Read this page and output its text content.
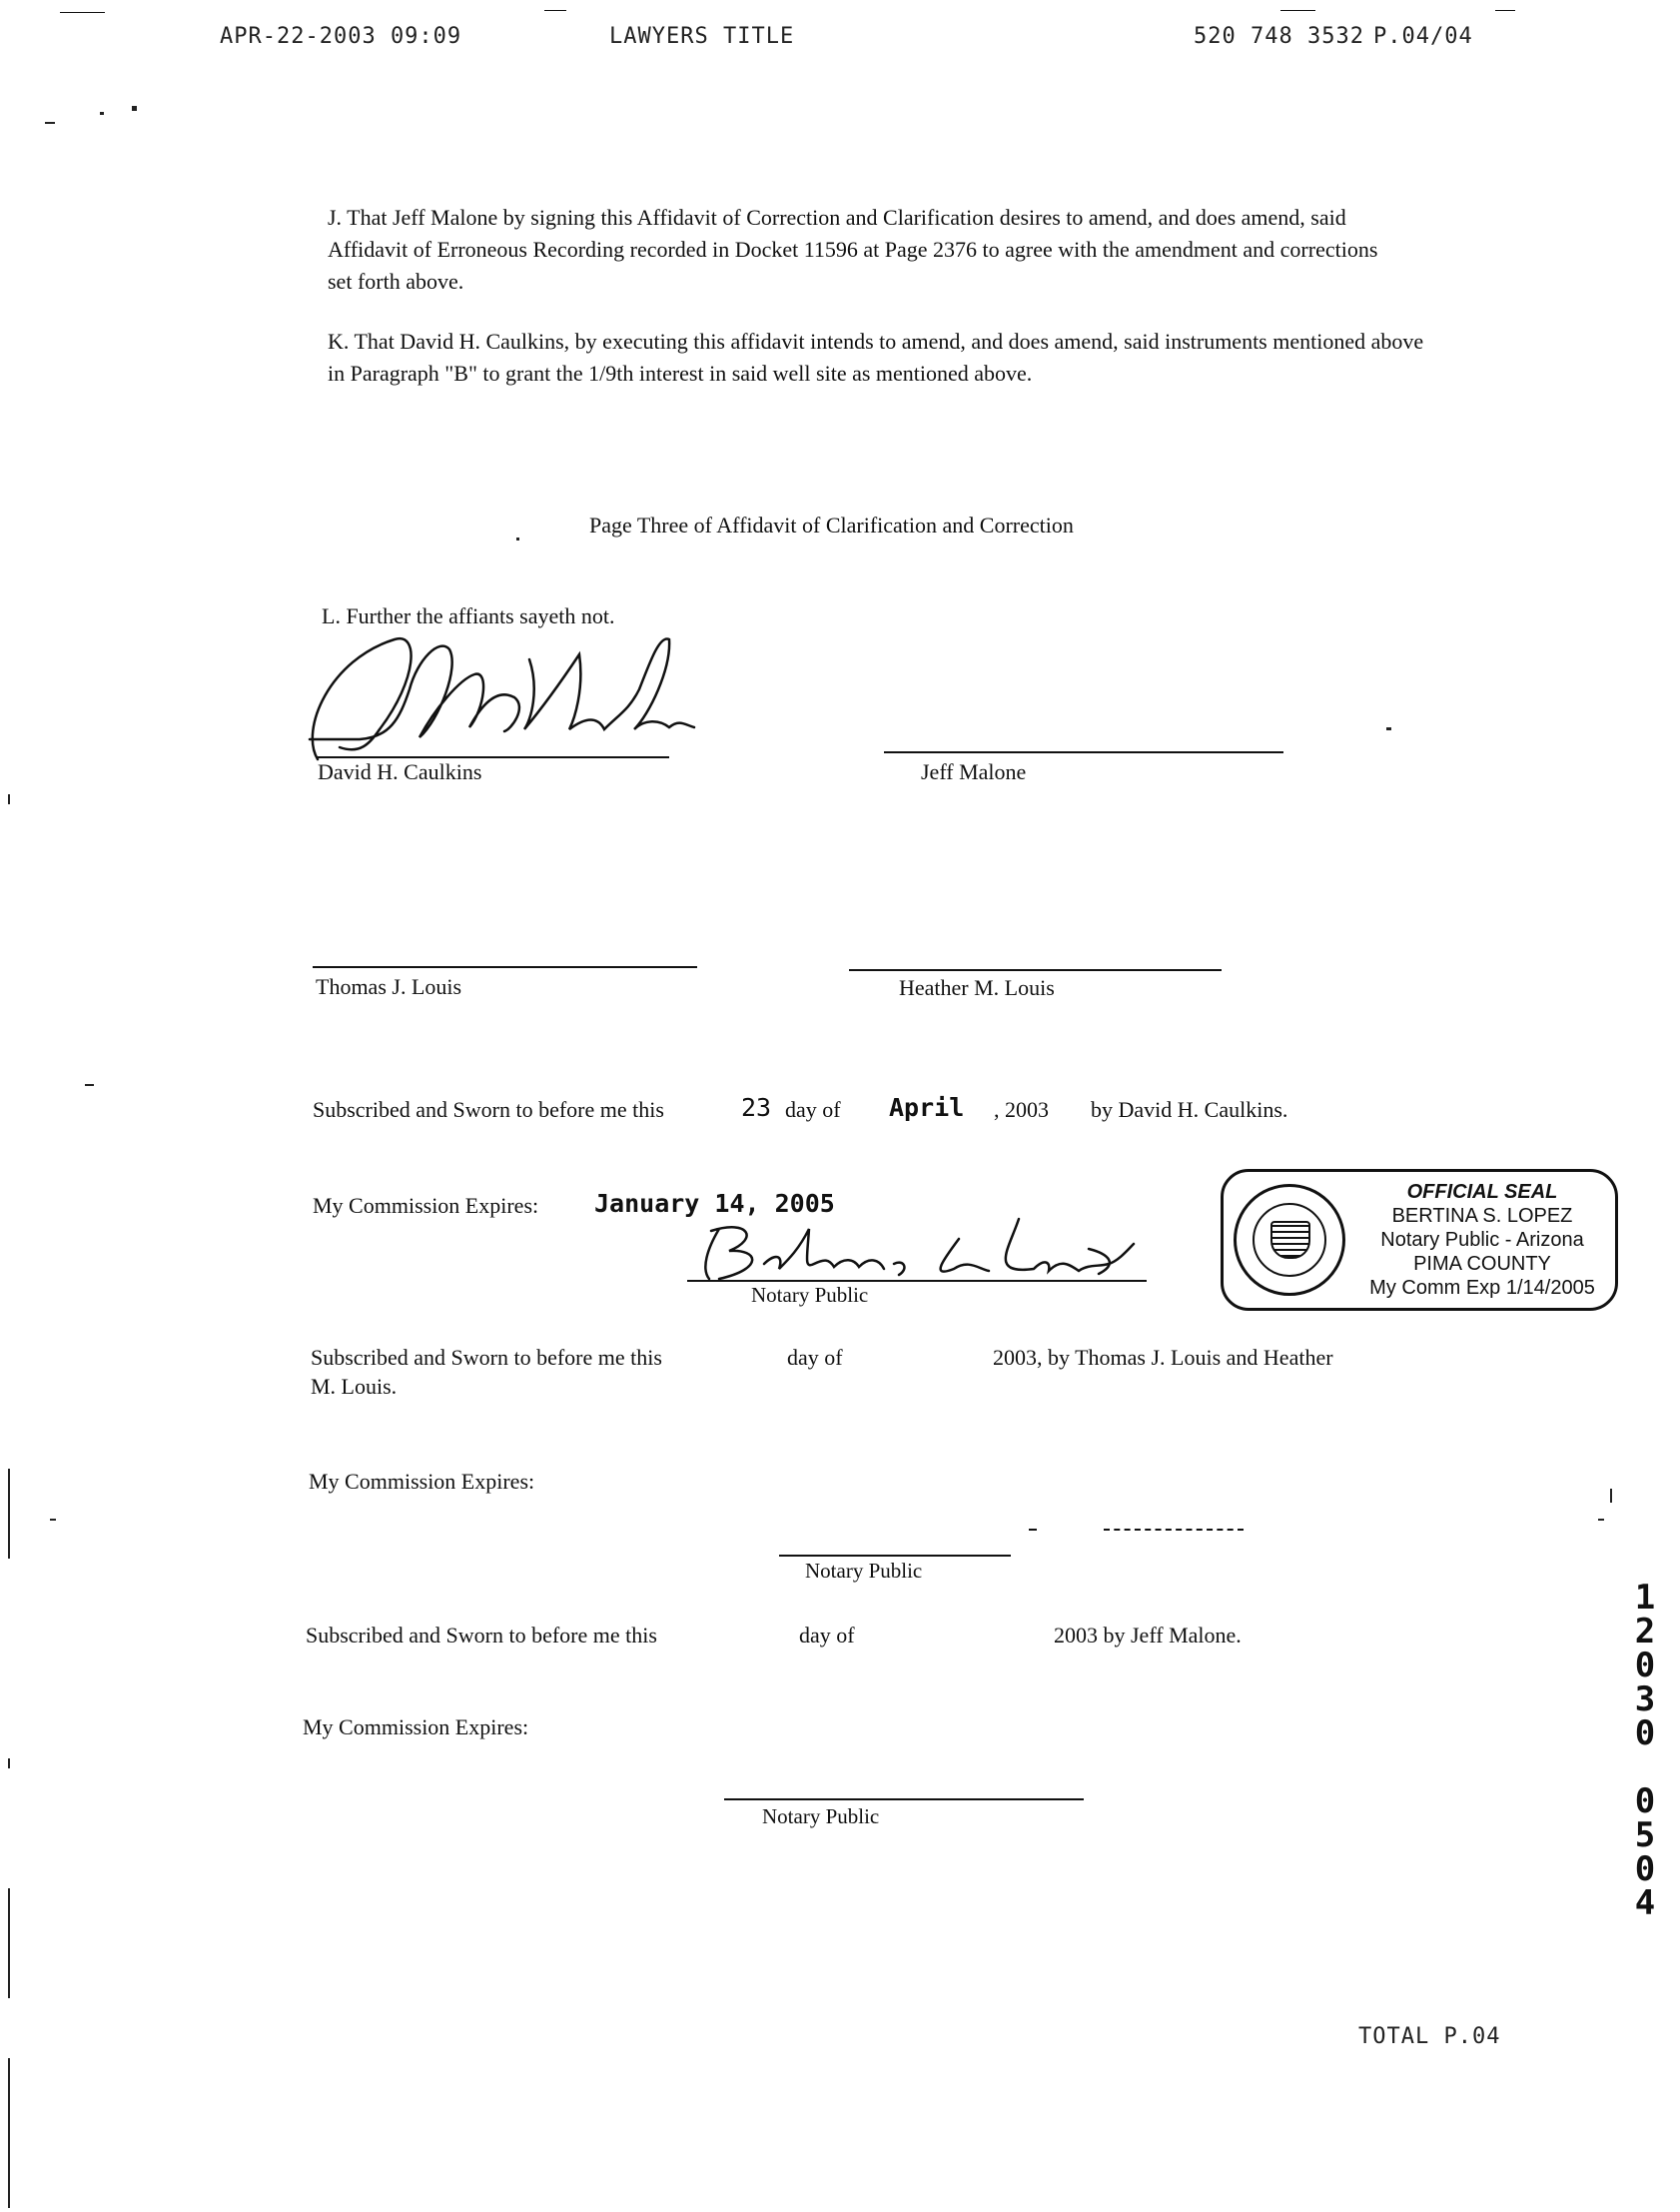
APR-22-2003 09:09	LAWYERS TITLE	520 748 3532 P.04/04
J. That Jeff Malone by signing this Affidavit of Correction and Clarification desires to amend, and does amend, said Affidavit of Erroneous Recording recorded in Docket 11596 at Page 2376 to agree with the amendment and corrections set forth above.
K. That David H. Caulkins, by executing this affidavit intends to amend, and does amend, said instruments mentioned above in Paragraph "B" to grant the 1/9th interest in said well site as mentioned above.
Page Three of Affidavit of Clarification and Correction
L. Further the affiants sayeth not.
David H. Caulkins	Jeff Malone
Thomas J. Louis	Heather M. Louis
Subscribed and Sworn to before me this	23 day of April , 2003 by David H. Caulkins.
My Commission Expires: January 14, 2005
Notary Public
OFFICIAL SEAL
BERTINA S. LOPEZ
Notary Public - Arizona
PIMA COUNTY
My Comm Exp 1/14/2005
Subscribed and Sworn to before me this	day of	2003, by Thomas J. Louis and Heather
M. Louis.
My Commission Expires:
Notary Public
Subscribed and Sworn to before me this	day of	2003 by Jeff Malone.
My Commission Expires:
Notary Public
1
2
0
3
0
0
5
0
4
TOTAL P.04
